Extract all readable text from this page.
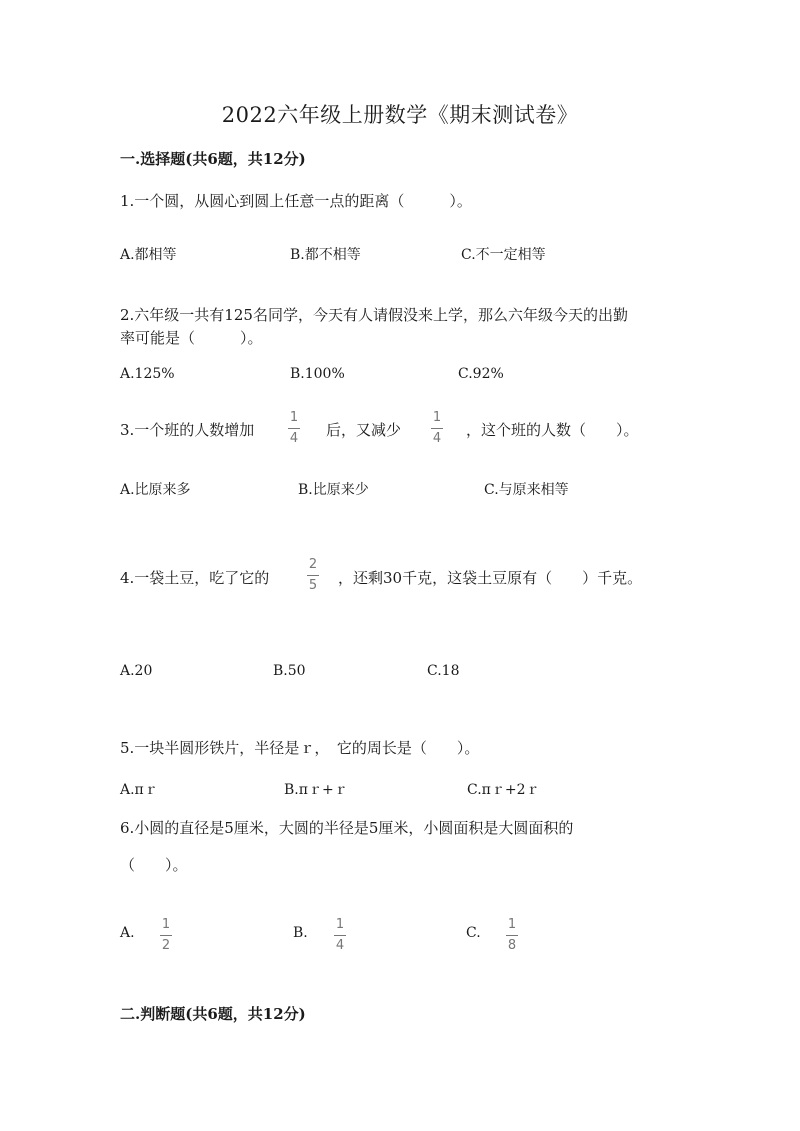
2022六年级上册数学《期末测试卷》
一.选择题(共6题，共12分)
1.一个圆，从圆心到圆上任意一点的距离（　　　）。
A.都相等	B.都不相等	C.不一定相等
2.六年级一共有125名同学，今天有人请假没来上学，那么六年级今天的出勤
率可能是（　　　）。
A.125%	B.100%	C.92%
3.一个班的人数增加
1
4 后，又减少
1
4 ，这个班的人数（　　）。
A.比原来多	B.比原来少	C.与原来相等
4.一袋土豆，吃了它的
2
5 ，还剩30千克，这袋土豆原有（　　）千克。
A.20	B.50	C.18
5.一块半圆形铁片，半径是ｒ，　它的周长是（　　）。
A.πｒ	B.πｒ+ｒ	C.πｒ+2ｒ
6.小圆的直径是5厘米，大圆的半径是5厘米，小圆面积是大圆面积的
（　　）。
A.
1
2
B.
1
4
C.
1
8
二.判断题(共6题，共12分)
